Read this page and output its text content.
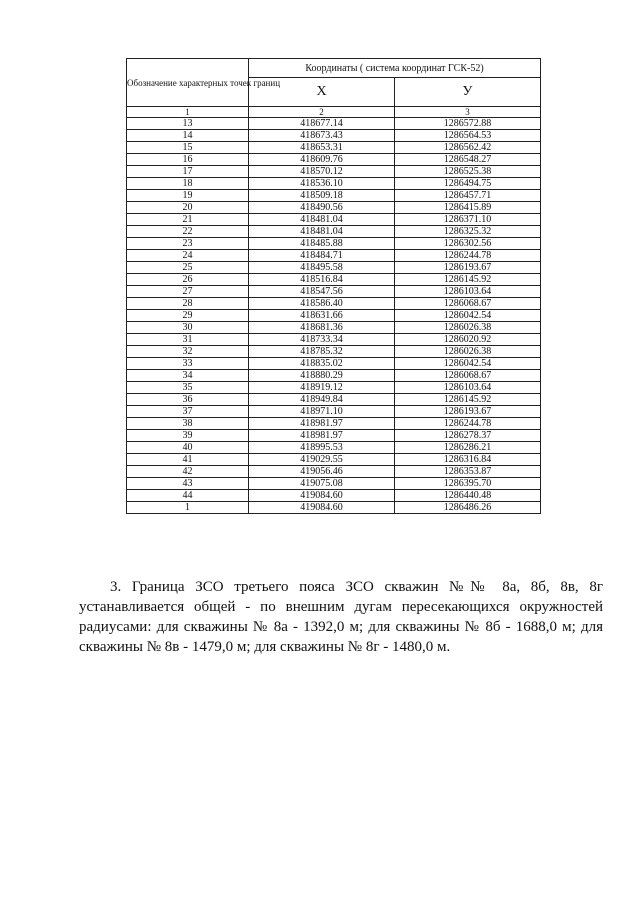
Обозначение характерных точек границ	Координаты ( система координат ГСК-52)	
	X	У
1	2	3
13	418677.14	1286572.88
14	418673.43	1286564.53
15	418653.31	1286562.42
16	418609.76	1286548.27
17	418570.12	1286525.38
18	418536.10	1286494.75
19	418509.18	1286457.71
20	418490.56	1286415.89
21	418481.04	1286371.10
22	418481.04	1286325.32
23	418485.88	1286302.56
24	418484.71	1286244.78
25	418495.58	1286193.67
26	418516.84	1286145.92
27	418547.56	1286103.64
28	418586.40	1286068.67
29	418631.66	1286042.54
30	418681.36	1286026.38
31	418733.34	1286020.92
32	418785.32	1286026.38
33	418835.02	1286042.54
34	418880.29	1286068.67
35	418919.12	1286103.64
36	418949.84	1286145.92
37	418971.10	1286193.67
38	418981.97	1286244.78
39	418981.97	1286278.37
40	418995.53	1286286.21
41	419029.55	1286316.84
42	419056.46	1286353.87
43	419075.08	1286395.70
44	419084.60	1286440.48
1	419084.60	1286486.26

3. Граница ЗСО третьего пояса ЗСО скважин №№ 8а, 8б, 8в, 8г устанавливается общей - по внешним дугам пересекающихся окружностей радиусами: для скважины № 8а - 1392,0 м; для скважины № 8б - 1688,0 м; для скважины № 8в - 1479,0 м; для скважины № 8г - 1480,0 м.
